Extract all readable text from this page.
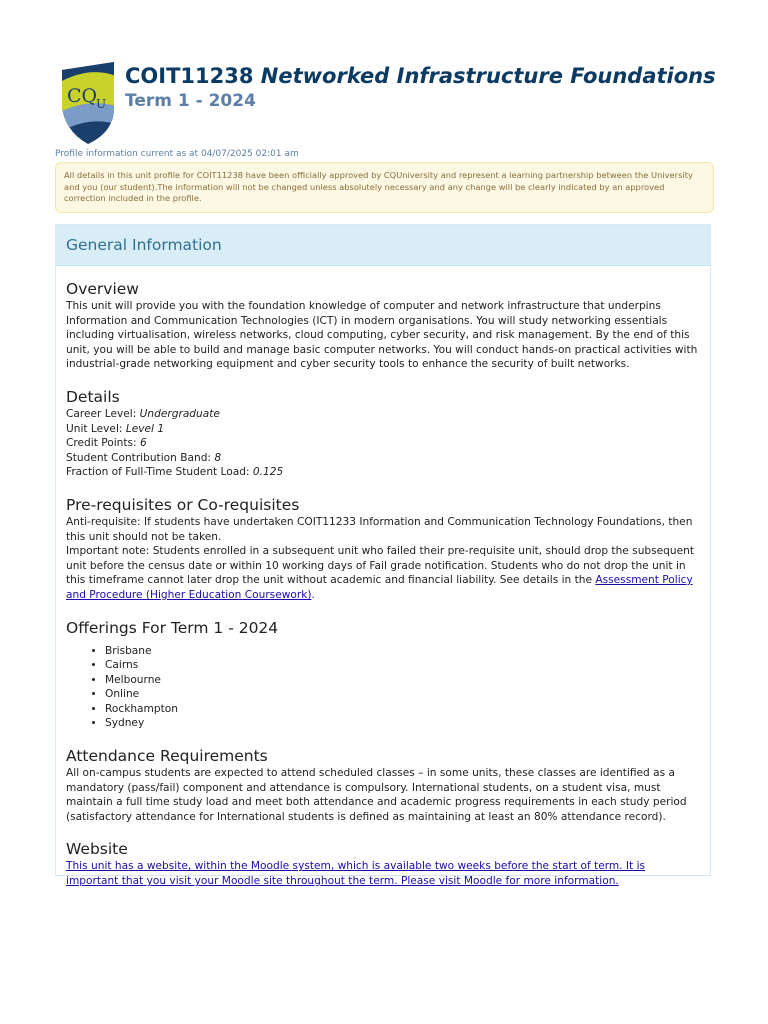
CQ
U
COIT11238 Networked Infrastructure Foundations
Term 1 - 2024
Profile information current as at 04/07/2025 02:01 am
All details in this unit profile for COIT11238 have been officially approved by CQUniversity and represent a learning partnership between the University and you (our student).The information will not be changed unless absolutely necessary and any change will be clearly indicated by an approved correction included in the profile.
General Information
Overview

This unit will provide you with the foundation knowledge of computer and network infrastructure that underpins Information and Communication Technologies (ICT) in modern organisations. You will study networking essentials including virtualisation, wireless networks, cloud computing, cyber security, and risk management. By the end of this unit, you will be able to build and manage basic computer networks. You will conduct hands-on practical activities with industrial-grade networking equipment and cyber security tools to enhance the security of built networks.

Details
Career Level: Undergraduate
Unit Level: Level 1
Credit Points: 6
Student Contribution Band: 8
Fraction of Full-Time Student Load: 0.125
Pre-requisites or Co-requisites

Anti-requisite: If students have undertaken COIT11233 Information and Communication Technology Foundations, then this unit should not be taken.

Important note: Students enrolled in a subsequent unit who failed their pre-requisite unit, should drop the subsequent unit before the census date or within 10 working days of Fail grade notification. Students who do not drop the unit in this timeframe cannot later drop the unit without academic and financial liability. See details in the Assessment Policy and Procedure (Higher Education Coursework).

Offerings For Term 1 - 2024
• Brisbane
• Cairns
• Melbourne
• Online
• Rockhampton
• Sydney
Attendance Requirements

All on-campus students are expected to attend scheduled classes – in some units, these classes are identified as a mandatory (pass/fail) component and attendance is compulsory. International students, on a student visa, must maintain a full time study load and meet both attendance and academic progress requirements in each study period (satisfactory attendance for International students is defined as maintaining at least an 80% attendance record).

Website

This unit has a website, within the Moodle system, which is available two weeks before the start of term. It is important that you visit your Moodle site throughout the term. Please visit Moodle for more information.
